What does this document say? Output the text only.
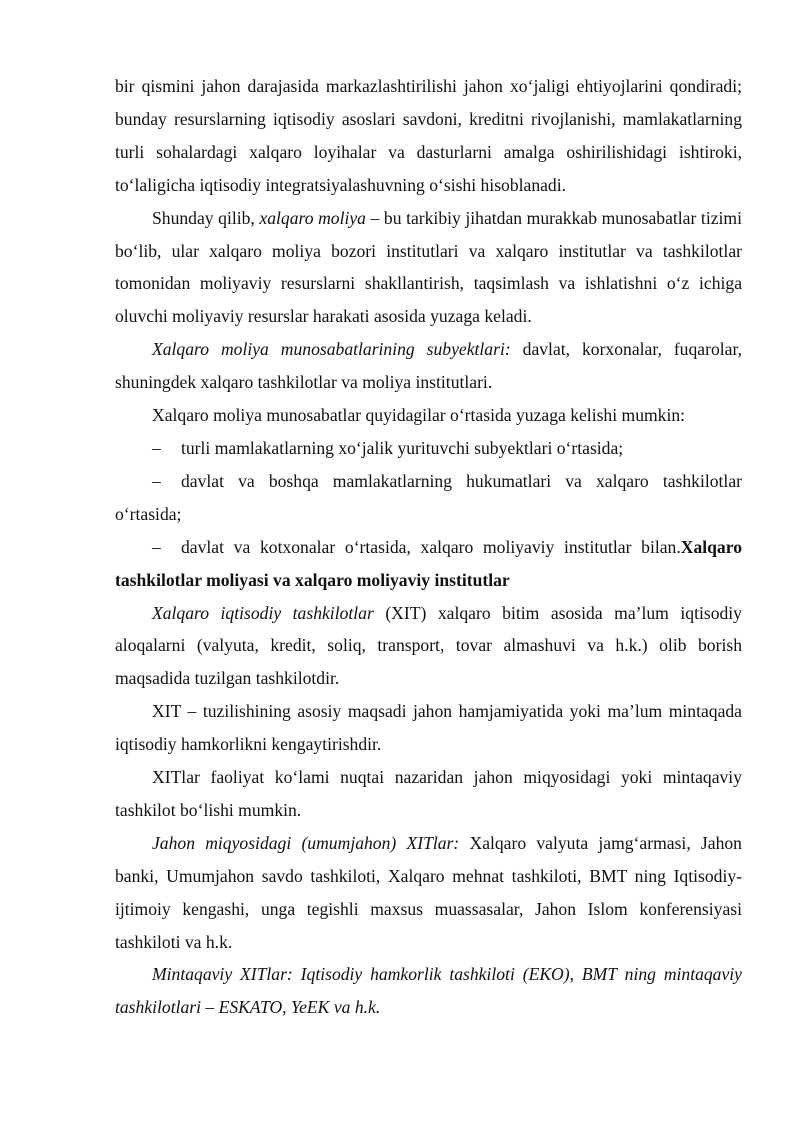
bir qismini jahon darajasida markazlashtirilishi jahon xo‘jaligi ehtiyojlarini qondiradi; bunday resurslarning iqtisodiy asoslari savdoni, kreditni rivojlanishi, mamlakatlarning turli sohalardagi xalqaro loyihalar va dasturlarni amalga oshirilishidagi ishtiroki, to‘laligicha iqtisodiy integratsiyalashuvning o‘sishi hisoblanadi.

Shunday qilib, xalqaro moliya – bu tarkibiy jihatdan murakkab munosabatlar tizimi bo‘lib, ular xalqaro moliya bozori institutlari va xalqaro institutlar va tashkilotlar tomonidan moliyaviy resurslarni shakllantirish, taqsimlash va ishlatishni o‘z ichiga oluvchi moliyaviy resurslar harakati asosida yuzaga keladi.

Xalqaro moliya munosabatlarining subyektlari: davlat, korxonalar, fuqarolar, shuningdek xalqaro tashkilotlar va moliya institutlari.

Xalqaro moliya munosabatlar quyidagilar o‘rtasida yuzaga kelishi mumkin:

– turli mamlakatlarning xo‘jalik yurituvchi subyektlari o‘rtasida;

– davlat va boshqa mamlakatlarning hukumatlari va xalqaro tashkilotlar o‘rtasida;

– davlat va kotxonalar o‘rtasida, xalqaro moliyaviy institutlar bilan.Xalqaro tashkilotlar moliyasi va xalqaro moliyaviy institutlar

Xalqaro iqtisodiy tashkilotlar (XIT) xalqaro bitim asosida ma’lum iqtisodiy aloqalarni (valyuta, kredit, soliq, transport, tovar almashuvi va h.k.) olib borish maqsadida tuzilgan tashkilotdir.

XIT – tuzilishining asosiy maqsadi jahon hamjamiyatida yoki ma’lum mintaqada iqtisodiy hamkorlikni kengaytirishdir.

XITlar faoliyat ko‘lami nuqtai nazaridan jahon miqyosidagi yoki mintaqaviy tashkilot bo‘lishi mumkin.

Jahon miqyosidagi (umumjahon) XITlar: Xalqaro valyuta jamg‘armasi, Jahon banki, Umumjahon savdo tashkiloti, Xalqaro mehnat tashkiloti, BMT ning Iqtisodiy-ijtimoiy kengashi, unga tegishli maxsus muassasalar, Jahon Islom konferensiyasi tashkiloti va h.k.

Mintaqaviy XITlar: Iqtisodiy hamkorlik tashkiloti (EKO), BMT ning mintaqaviy tashkilotlari – ESKATO, YeEK va h.k.
